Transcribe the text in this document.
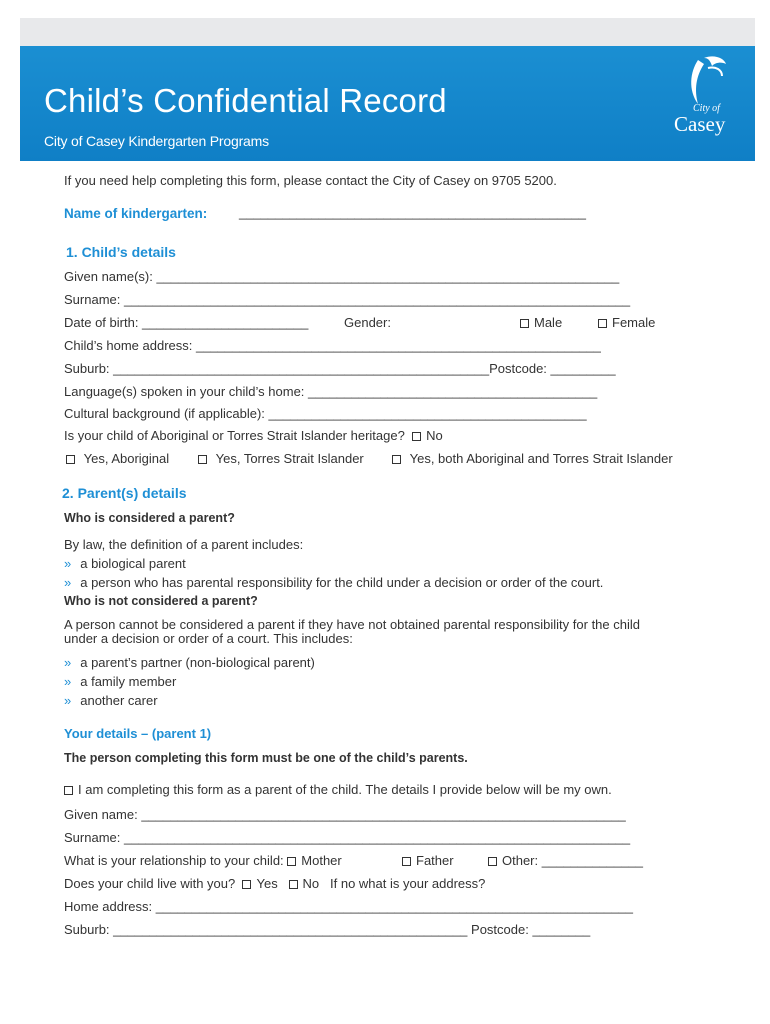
Child’s Confidential Record
City of Casey Kindergarten Programs
City of
Casey
If you need help completing this form, please contact the City of Casey on 9705 5200.
Name of kindergarten: ________________________________________________
1. Child’s details
Given name(s): ________________________________________________________________
Surname: ______________________________________________________________________
Date of birth: _______________________	Gender:	Male	Female
Child’s home address: ________________________________________________________
Suburb: ____________________________________________________Postcode: _________
Language(s) spoken in your child’s home: ________________________________________
Cultural background (if applicable): ____________________________________________
Is your child of Aboriginal or Torres Strait Islander heritage? No
Yes, Aboriginal	Yes, Torres Strait Islander	Yes, both Aboriginal and Torres Strait Islander
2. Parent(s) details
Who is considered a parent?
By law, the definition of a parent includes:
» a biological parent
» a person who has parental responsibility for the child under a decision or order of the court.
Who is not considered a parent?
A person cannot be considered a parent if they have not obtained parental responsibility for the child
under a decision or order of a court. This includes:
» a parent’s partner (non-biological parent)
» a family member
» another carer
Your details – (parent 1)
The person completing this form must be one of the child’s parents.
I am completing this form as a parent of the child. The details I provide below will be my own.
Given name: ___________________________________________________________________
Surname: ______________________________________________________________________
What is your relationship to your child: Mother	Father	Other: ______________
Does your child live with you? Yes No If no what is your address?
Home address: __________________________________________________________________
Suburb: _________________________________________________ Postcode: ________
